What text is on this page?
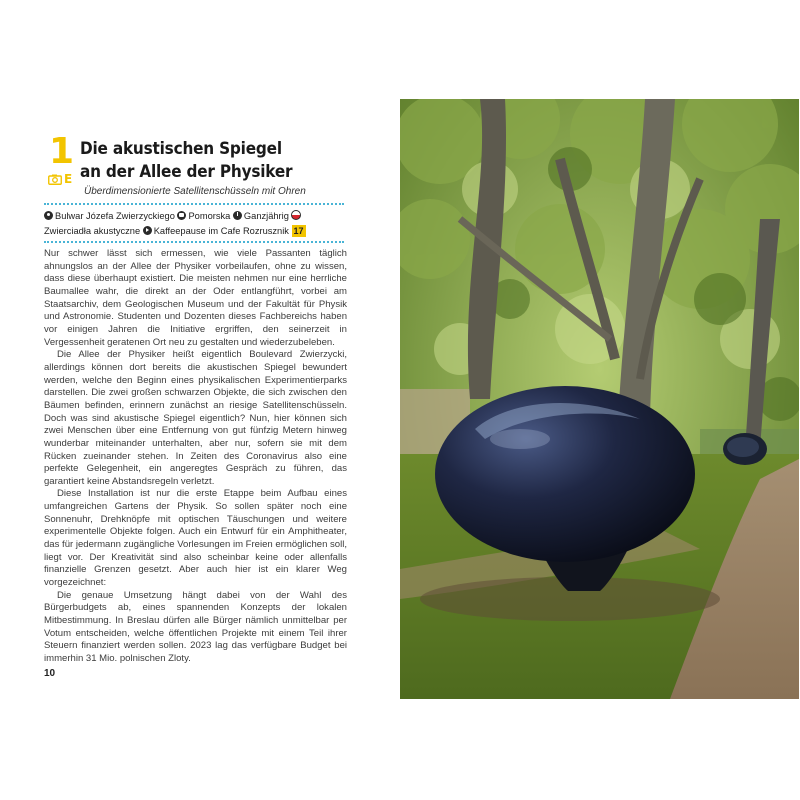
1
E
Die akustischen Spiegel
an der Allee der Physiker
Überdimensionierte Satellitenschüsseln mit Ohren
Bulwar Józefa Zwierzyckiego Pomorska Ganzjährig Zwierciadła akustyczne Kaffeepause im Cafe Rozrusznik 17

Nur schwer lässt sich ermessen, wie viele Passanten täglich ahnungslos an der Allee der Physiker vorbeilaufen, ohne zu wissen, dass diese überhaupt existiert. Die meisten nehmen nur eine herrliche Baumallee wahr, die direkt an der Oder entlangführt, vorbei am Staatsarchiv, dem Geologischen Museum und der Fakultät für Physik und Astronomie. Studenten und Dozenten dieses Fachbereichs haben vor einigen Jahren die Initiative ergriffen, den seinerzeit in Vergessenheit geratenen Ort neu zu gestalten und wiederzubeleben.

Die Allee der Physiker heißt eigentlich Boulevard Zwierzycki, allerdings können dort bereits die akustischen Spiegel bewundert werden, welche den Beginn eines physikalischen Experimentierparks darstellen. Die zwei großen schwarzen Objekte, die sich zwischen den Bäumen befinden, erinnern zunächst an riesige Satellitenschüsseln. Doch was sind akustische Spiegel eigentlich? Nun, hier können sich zwei Menschen über eine Entfernung von gut fünfzig Metern hinweg wunderbar miteinander unterhalten, aber nur, sofern sie mit dem Rücken zueinander stehen. In Zeiten des Coronavirus also eine perfekte Gelegenheit, ein angeregtes Gespräch zu führen, das garantiert keine Abstandsregeln verletzt.

Diese Installation ist nur die erste Etappe beim Aufbau eines umfangreichen Gartens der Physik. So sollen später noch eine Sonnenuhr, Drehknöpfe mit optischen Täuschungen und weitere experimentelle Objekte folgen. Auch ein Entwurf für ein Amphitheater, das für jedermann zugängliche Vorlesungen im Freien ermöglichen soll, liegt vor. Der Kreativität sind also scheinbar keine oder allenfalls finanzielle Grenzen gesetzt. Aber auch hier ist ein klarer Weg vorgezeichnet:

Die genaue Umsetzung hängt dabei von der Wahl des Bürgerbudgets ab, eines spannenden Konzepts der lokalen Mitbestimmung. In Breslau dürfen alle Bürger nämlich unmittelbar per Votum entscheiden, welche öffentlichen Projekte mit einem Teil ihrer Steuern finanziert werden sollen. 2023 lag das verfügbare Budget bei immerhin 31 Mio. polnischen Zloty.

10
